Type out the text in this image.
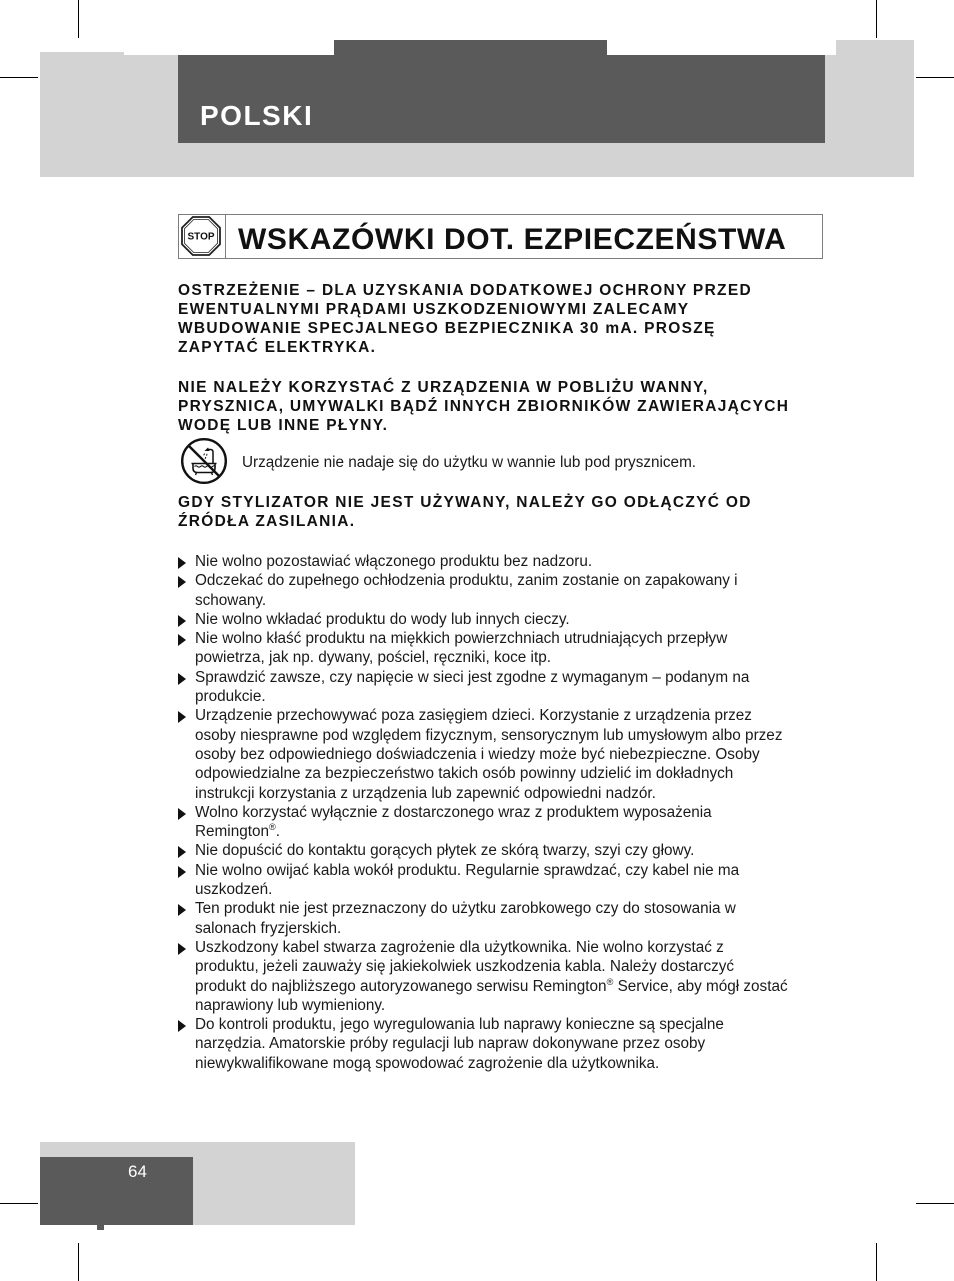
POLSKI
STOP WSKAZÓWKI DOT. EZPIECZEŃSTWA
OSTRZEŻENIE – DLA UZYSKANIA DODATKOWEJ OCHRONY PRZED
EWENTUALNYMI PRĄDAMI USZKODZENIOWYMI ZALECAMY
WBUDOWANIE SPECJALNEGO BEZPIECZNIKA 30 mA. PROSZĘ
ZAPYTAĆ ELEKTRYKA.
NIE NALEŻY KORZYSTAĆ Z URZĄDZENIA W POBLIŻU WANNY,
PRYSZNICA, UMYWALKI BĄDŹ INNYCH ZBIORNIKÓW ZAWIERAJĄCYCH
WODĘ LUB INNE PŁYNY.
Urządzenie nie nadaje się do użytku w wannie lub pod prysznicem.
GDY STYLIZATOR NIE JEST UŻYWANY, NALEŻY GO ODŁĄCZYĆ OD
ŹRÓDŁA ZASILANIA.
Nie wolno pozostawiać włączonego produktu bez nadzoru.
Odczekać do zupełnego ochłodzenia produktu, zanim zostanie on zapakowany i
schowany.
Nie wolno wkładać produktu do wody lub innych cieczy.
Nie wolno kłaść produktu na miękkich powierzchniach utrudniających przepływ
powietrza, jak np. dywany, pościel, ręczniki, koce itp.
Sprawdzić zawsze, czy napięcie w sieci jest zgodne z wymaganym – podanym na
produkcie.
Urządzenie przechowywać poza zasięgiem dzieci. Korzystanie z urządzenia przez
osoby niesprawne pod względem fizycznym, sensorycznym lub umysłowym albo przez
osoby bez odpowiedniego doświadczenia i wiedzy może być niebezpieczne. Osoby
odpowiedzialne za bezpieczeństwo takich osób powinny udzielić im dokładnych
instrukcji korzystania z urządzenia lub zapewnić odpowiedni nadzór.
Wolno korzystać wyłącznie z dostarczonego wraz z produktem wyposażenia
Remington®.
Nie dopuścić do kontaktu gorących płytek ze skórą twarzy, szyi czy głowy.
Nie wolno owijać kabla wokół produktu. Regularnie sprawdzać, czy kabel nie ma
uszkodzeń.
Ten produkt nie jest przeznaczony do użytku zarobkowego czy do stosowania w
salonach fryzjerskich.
Uszkodzony kabel stwarza zagrożenie dla użytkownika. Nie wolno korzystać z
produktu, jeżeli zauważy się jakiekolwiek uszkodzenia kabla. Należy dostarczyć
produkt do najbliższego autoryzowanego serwisu Remington® Service, aby mógł zostać
naprawiony lub wymieniony.
Do kontroli produktu, jego wyregulowania lub naprawy konieczne są specjalne
narzędzia. Amatorskie próby regulacji lub napraw dokonywane przez osoby
niewykwalifikowane mogą spowodować zagrożenie dla użytkownika.
64
